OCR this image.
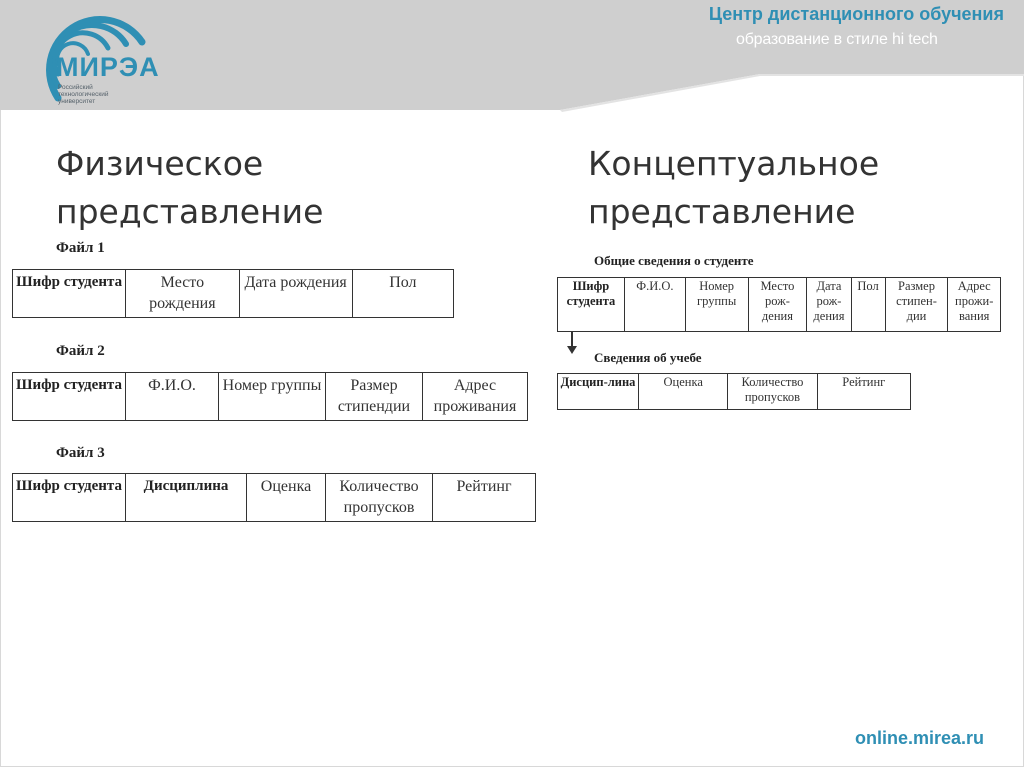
МИРЭА
Российский технологический университет
Центр дистанционного обучения
образование в стиле hi tech
Физическое представление
Файл 1
Шифр студента	Место рождения	Дата рождения	Пол
Файл 2
Шифр студента	Ф.И.О.	Номер группы	Размер стипендии	Адрес проживания
Файл 3
Шифр студента	Дисциплина	Оценка	Количество пропусков	Рейтинг
Концептуальное представление
Общие сведения о студенте
Шифр студента	Ф.И.О.	Номер группы	Место рож-дения	Дата рож-дения	Пол	Размер стипен-дии	Адрес прожи-вания
Сведения об учебе
Дисцип-лина	Оценка	Количество пропусков	Рейтинг
online.mirea.ru
